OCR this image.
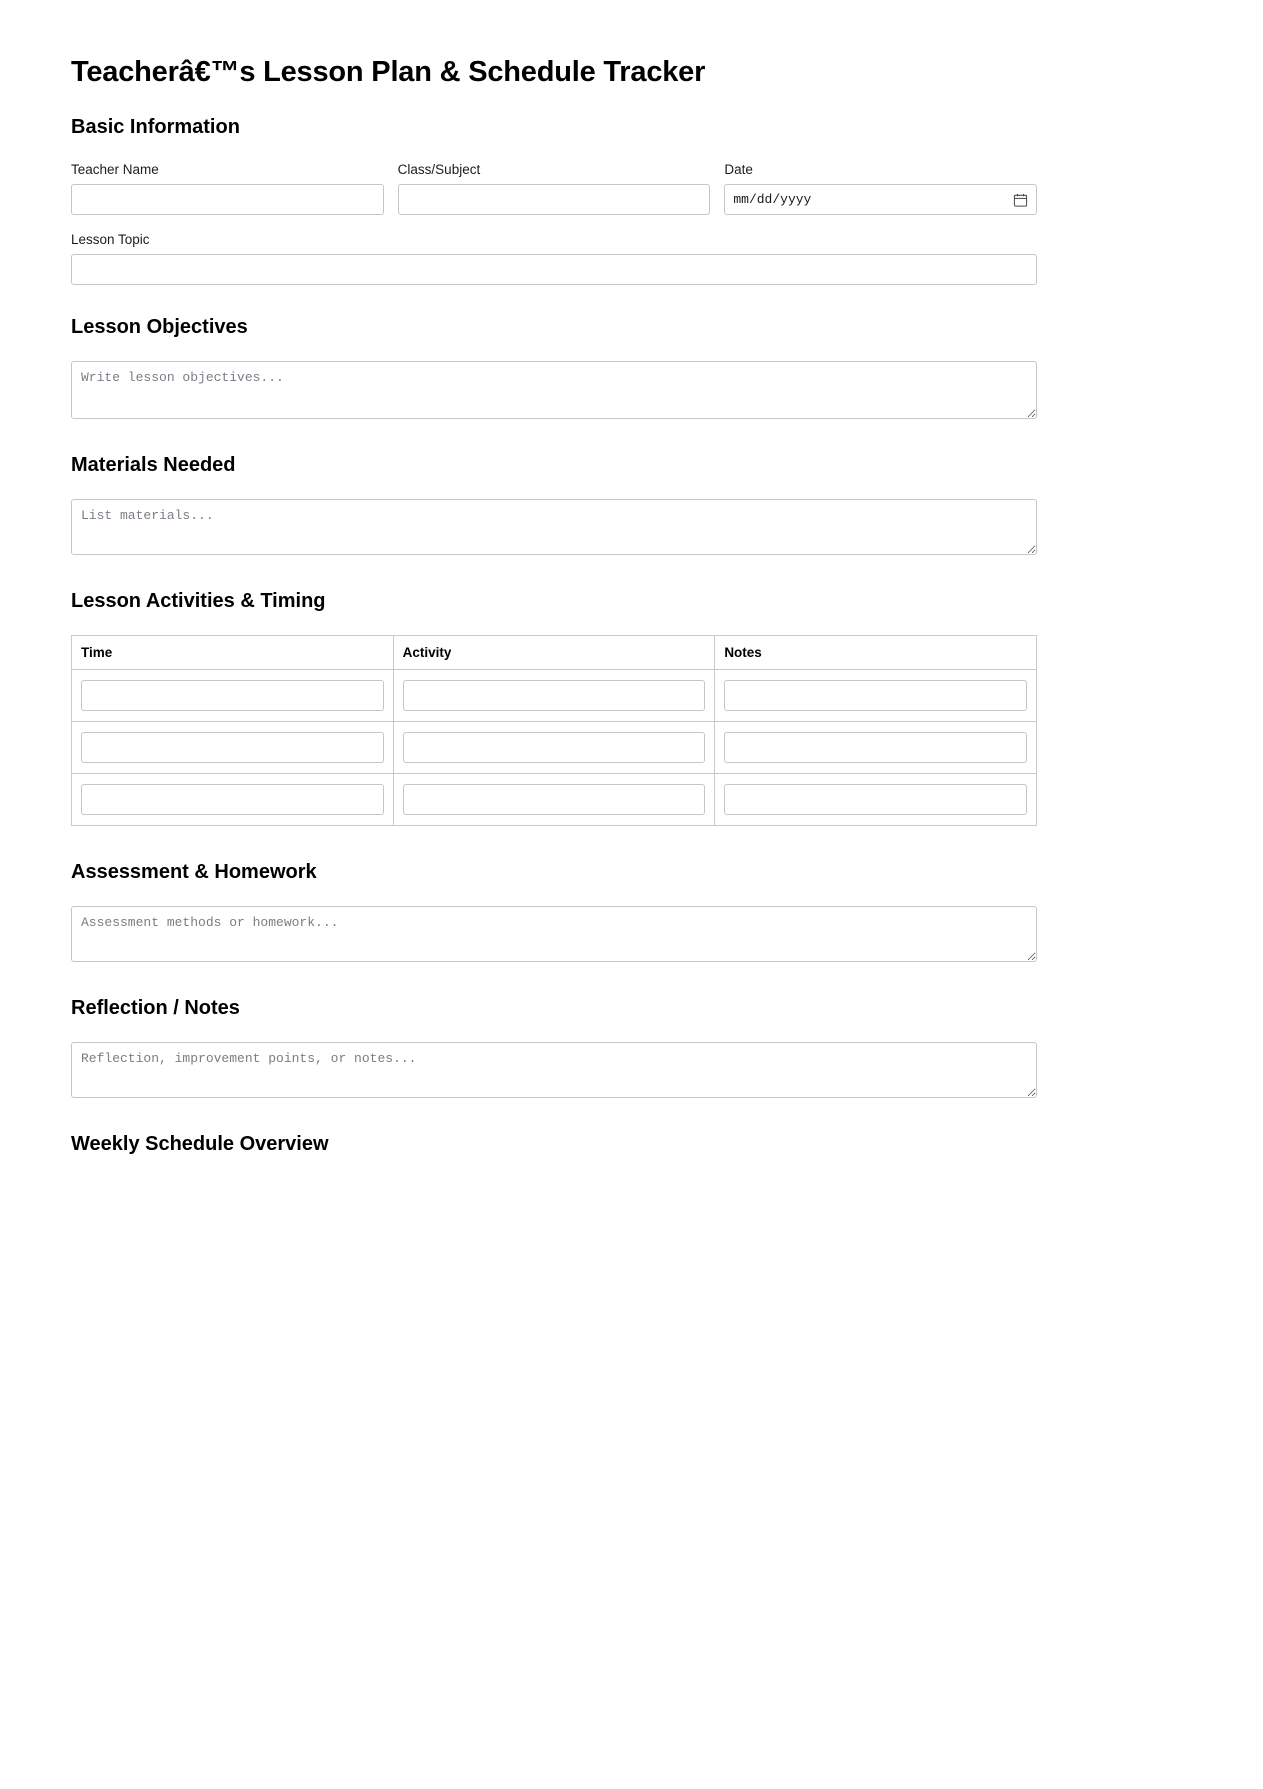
Teacherâ€™s Lesson Plan & Schedule Tracker
Basic Information
Teacher Name	Class/Subject	Date
mm/dd/yyyy
Lesson Topic
Lesson Objectives
Write lesson objectives...
Materials Needed
List materials...
Lesson Activities & Timing
Time	Activity	Notes

Assessment & Homework
Assessment methods or homework...
Reflection / Notes
Reflection, improvement points, or notes...
Weekly Schedule Overview
